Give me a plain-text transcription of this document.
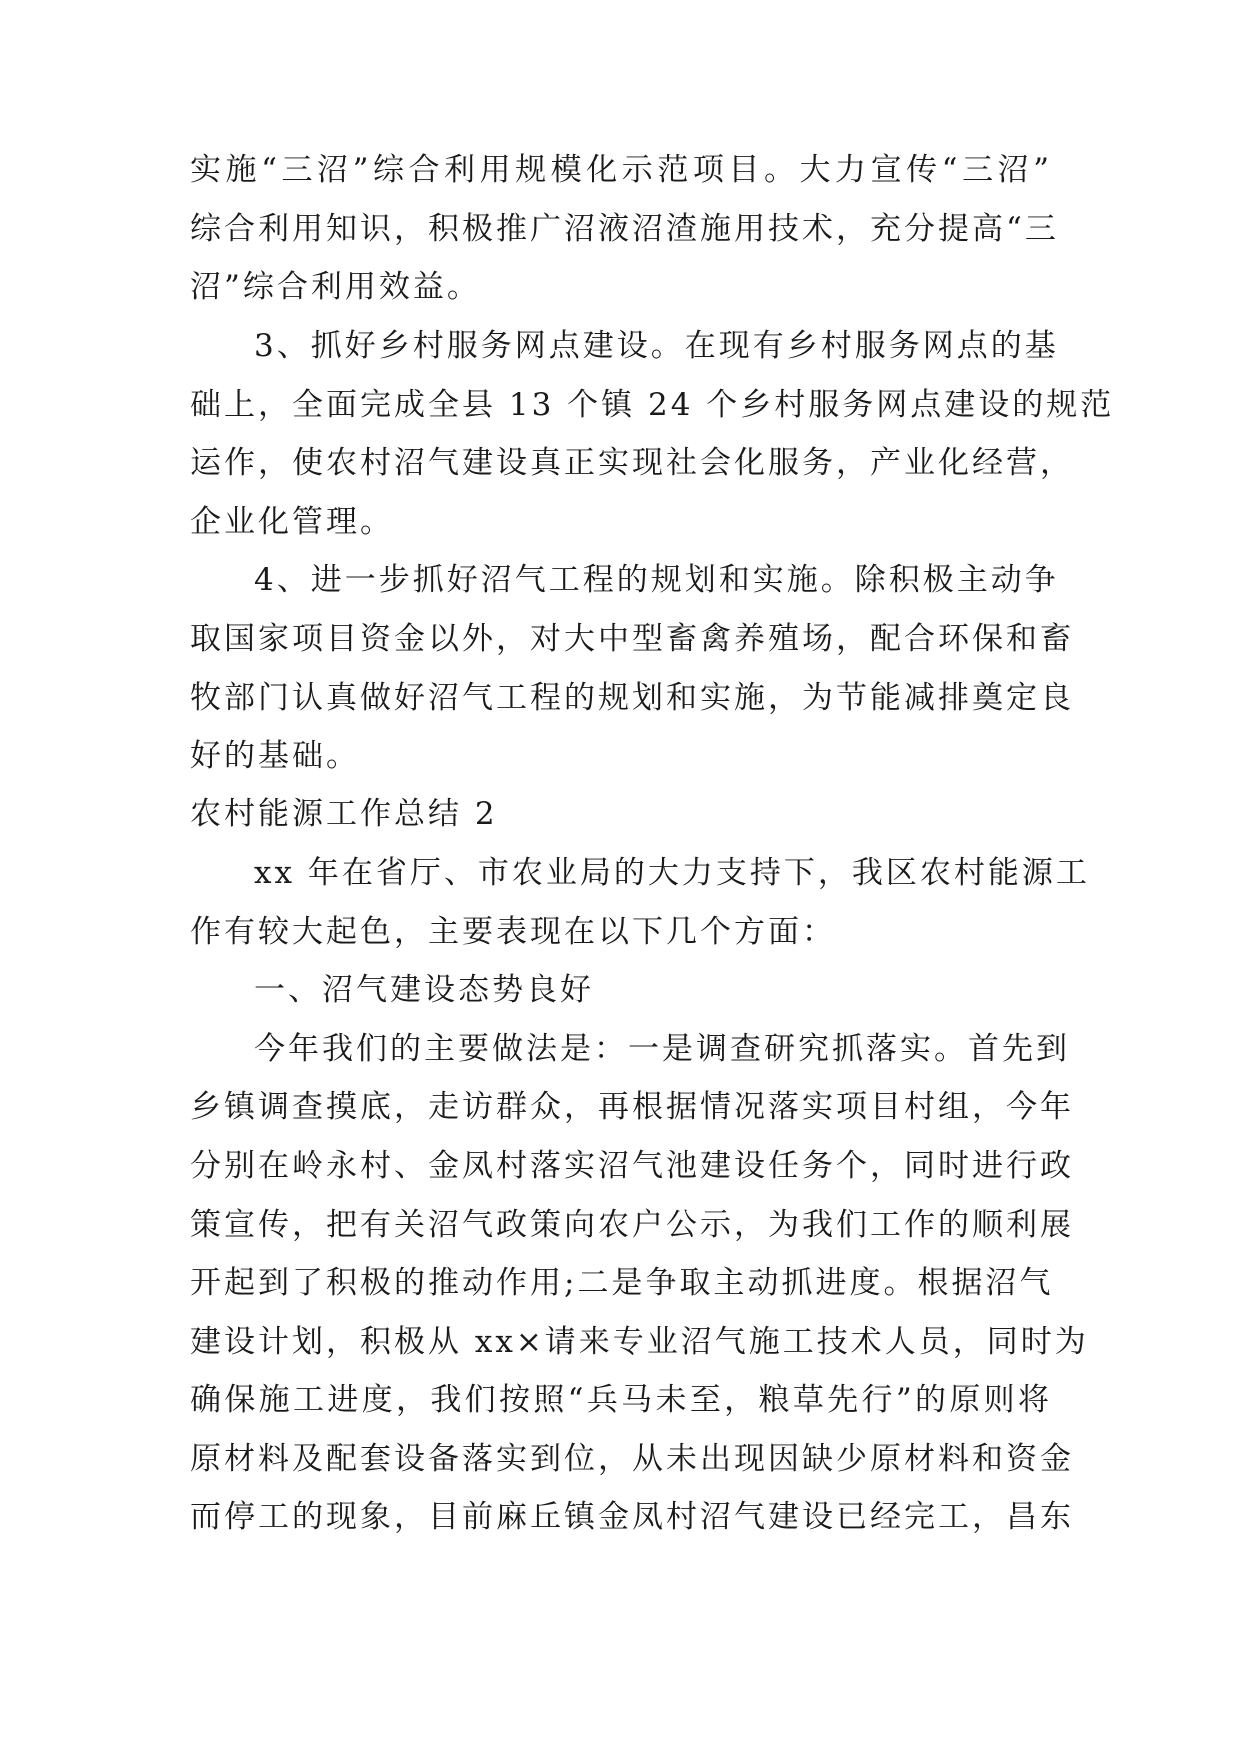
实施“三沼”综合利用规模化示范项目。大力宣传“三沼”
综合利用知识，积极推广沼液沼渣施用技术，充分提高“三
沼”综合利用效益。
3、抓好乡村服务网点建设。在现有乡村服务网点的基
础上，全面完成全县 13 个镇 24 个乡村服务网点建设的规范
运作，使农村沼气建设真正实现社会化服务，产业化经营，
企业化管理。
4、进一步抓好沼气工程的规划和实施。除积极主动争
取国家项目资金以外，对大中型畜禽养殖场，配合环保和畜
牧部门认真做好沼气工程的规划和实施，为节能减排奠定良
好的基础。
农村能源工作总结 2
xx 年在省厅、市农业局的大力支持下，我区农村能源工
作有较大起色，主要表现在以下几个方面：
一、沼气建设态势良好
今年我们的主要做法是：一是调查研究抓落实。首先到
乡镇调查摸底，走访群众，再根据情况落实项目村组，今年
分别在岭永村、金凤村落实沼气池建设任务个，同时进行政
策宣传，把有关沼气政策向农户公示，为我们工作的顺利展
开起到了积极的推动作用;二是争取主动抓进度。根据沼气
建设计划，积极从 xx×请来专业沼气施工技术人员，同时为
确保施工进度，我们按照“兵马未至，粮草先行”的原则将
原材料及配套设备落实到位，从未出现因缺少原材料和资金
而停工的现象，目前麻丘镇金凤村沼气建设已经完工，昌东
